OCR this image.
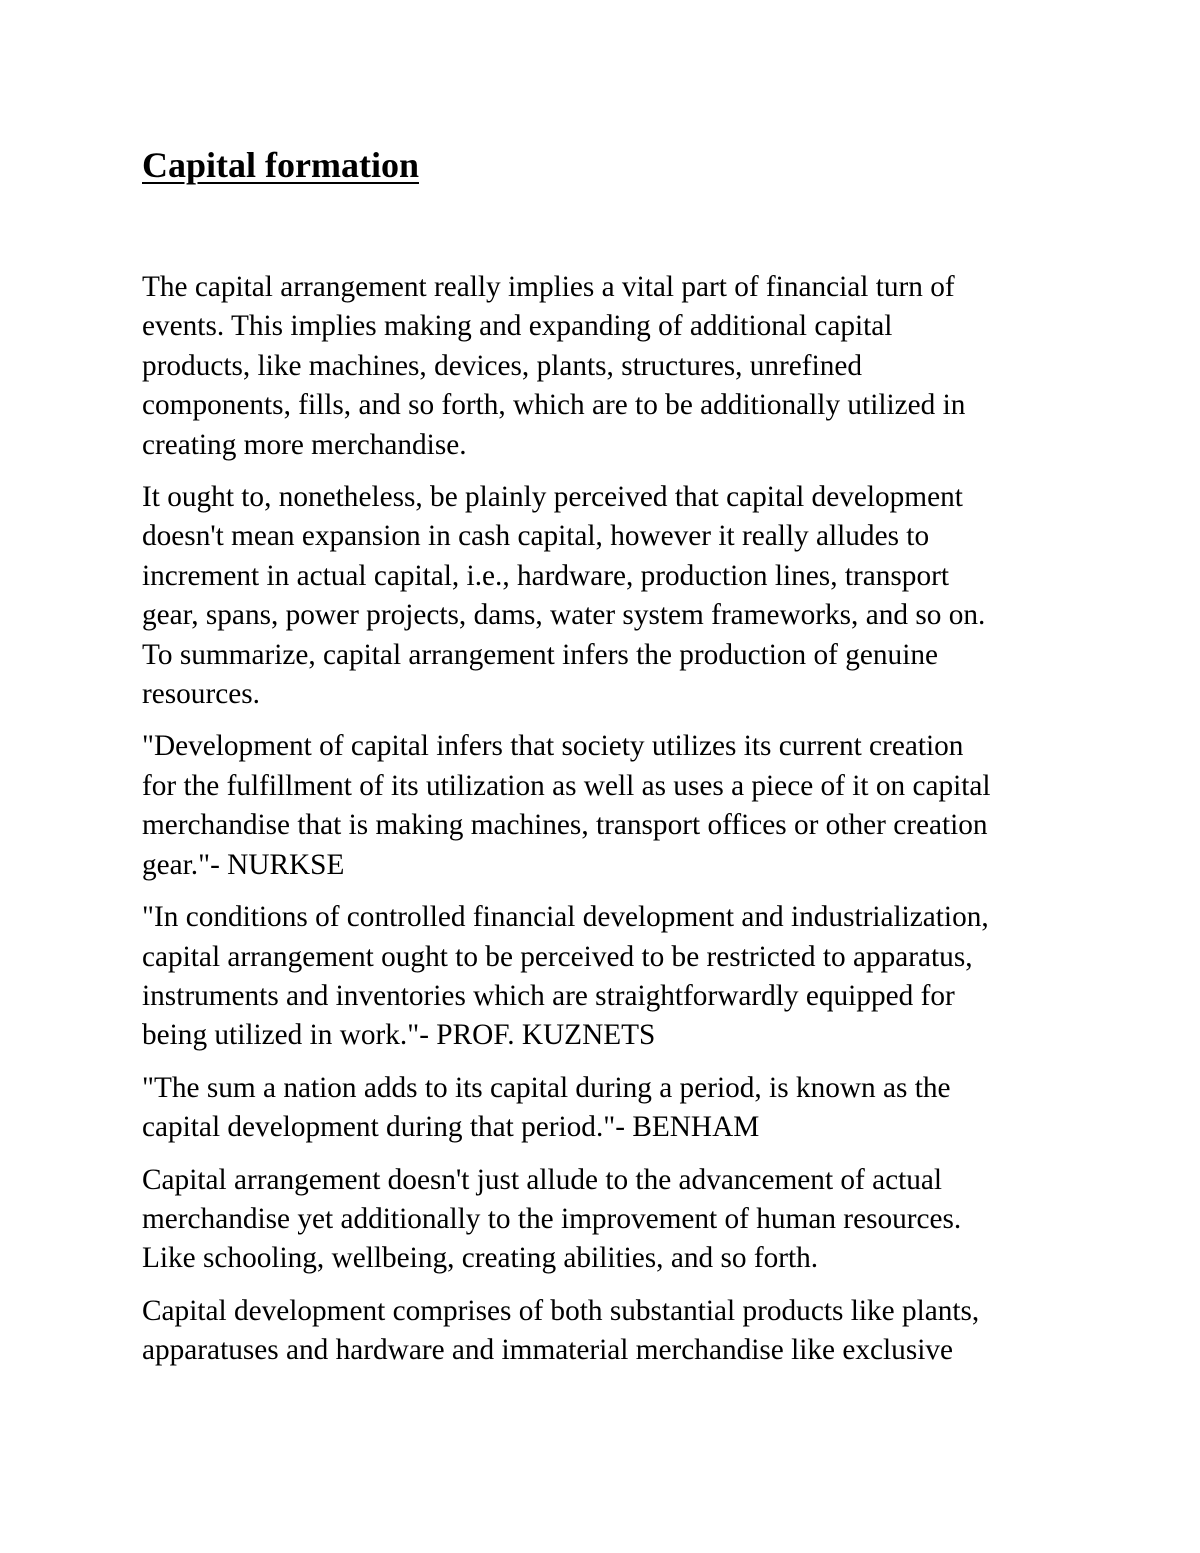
Capital formation

The capital arrangement really implies a vital part of financial turn of
events. This implies making and expanding of additional capital
products, like machines, devices, plants, structures, unrefined
components, fills, and so forth, which are to be additionally utilized in
creating more merchandise.

It ought to, nonetheless, be plainly perceived that capital development
doesn't mean expansion in cash capital, however it really alludes to
increment in actual capital, i.e., hardware, production lines, transport
gear, spans, power projects, dams, water system frameworks, and so on.
To summarize, capital arrangement infers the production of genuine
resources.

"Development of capital infers that society utilizes its current creation
for the fulfillment of its utilization as well as uses a piece of it on capital
merchandise that is making machines, transport offices or other creation
gear."- NURKSE

"In conditions of controlled financial development and industrialization,
capital arrangement ought to be perceived to be restricted to apparatus,
instruments and inventories which are straightforwardly equipped for
being utilized in work."- PROF. KUZNETS

"The sum a nation adds to its capital during a period, is known as the
capital development during that period."- BENHAM

Capital arrangement doesn't just allude to the advancement of actual
merchandise yet additionally to the improvement of human resources.
Like schooling, wellbeing, creating abilities, and so forth.

Capital development comprises of both substantial products like plants,
apparatuses and hardware and immaterial merchandise like exclusive
